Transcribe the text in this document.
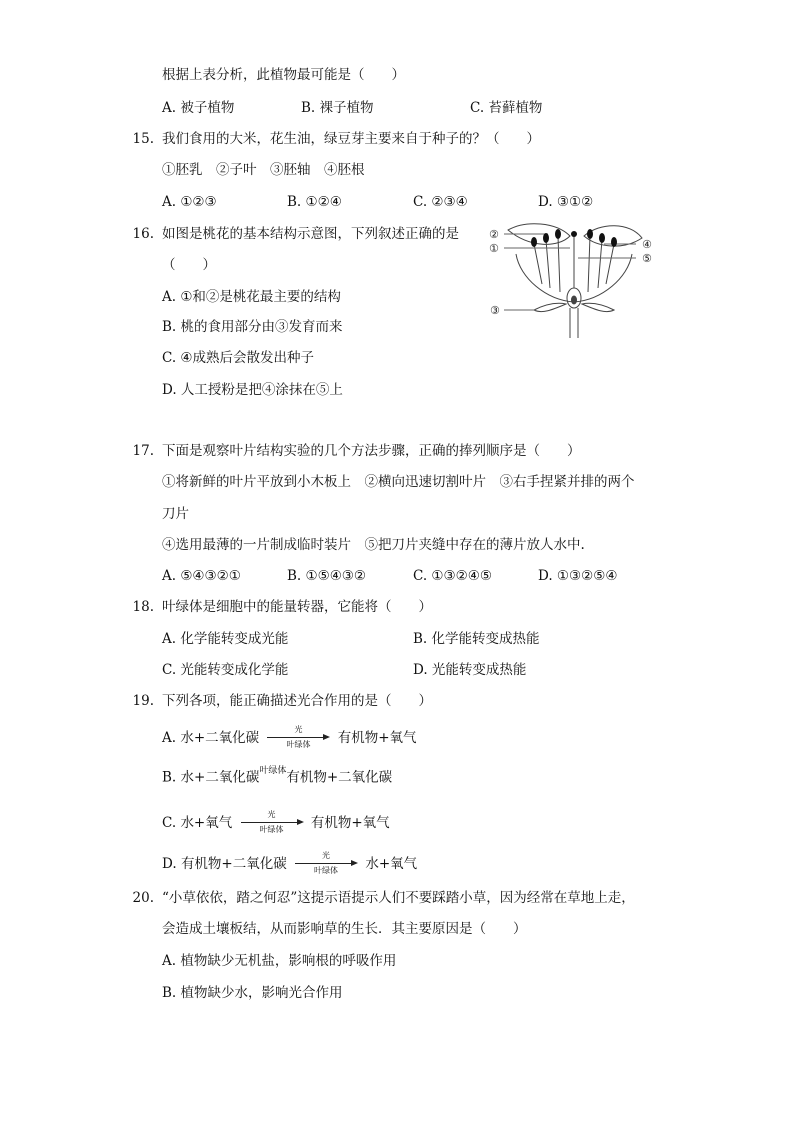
根据上表分析，此植物最可能是（　　）
A. 被子植物	B. 裸子植物	C. 苔藓植物
15. 我们食用的大米，花生油，绿豆芽主要来自于种子的？（　　）
①胚乳　②子叶　③胚轴　④胚根
A. ①②③	B. ①②④	C. ②③④	D. ③①②
16. 如图是桃花的基本结构示意图，下列叙述正确的是
（　　）
A. ①和②是桃花最主要的结构
B. 桃的食用部分由③发育而来
C. ④成熟后会散发出种子
D. 人工授粉是把④涂抹在⑤上
②
①	④
⑤
③
17. 下面是观察叶片结构实验的几个方法步骤，正确的捧列顺序是（　　）
①将新鲜的叶片平放到小木板上　②横向迅速切割叶片　③右手捏紧并排的两个
刀片
④选用最薄的一片制成临时装片　⑤把刀片夹缝中存在的薄片放人水中.
A. ⑤④③②①	B. ①⑤④③②	C. ①③②④⑤	D. ①③②⑤④
18. 叶绿体是细胞中的能量转器，它能将（　　）
A. 化学能转变成光能	B. 化学能转变成热能
C. 光能转变成化学能	D. 光能转变成热能
19. 下列各项，能正确描述光合作用的是（　　）
A. 水+二氧化碳
光
叶绿体	有机物+氧气
B. 水+二氧化碳$^{叶绿体}$有机物+二氧化碳
C. 水+氧气
光
叶绿体	有机物+氧气
D. 有机物+二氧化碳
光
叶绿体	水+氧气
20. “小草依依，踏之何忍”这提示语提示人们不要踩踏小草，因为经常在草地上走，
会造成土壤板结，从而影响草的生长．其主要原因是（　　）
A. 植物缺少无机盐，影响根的呼吸作用
B. 植物缺少水，影响光合作用
